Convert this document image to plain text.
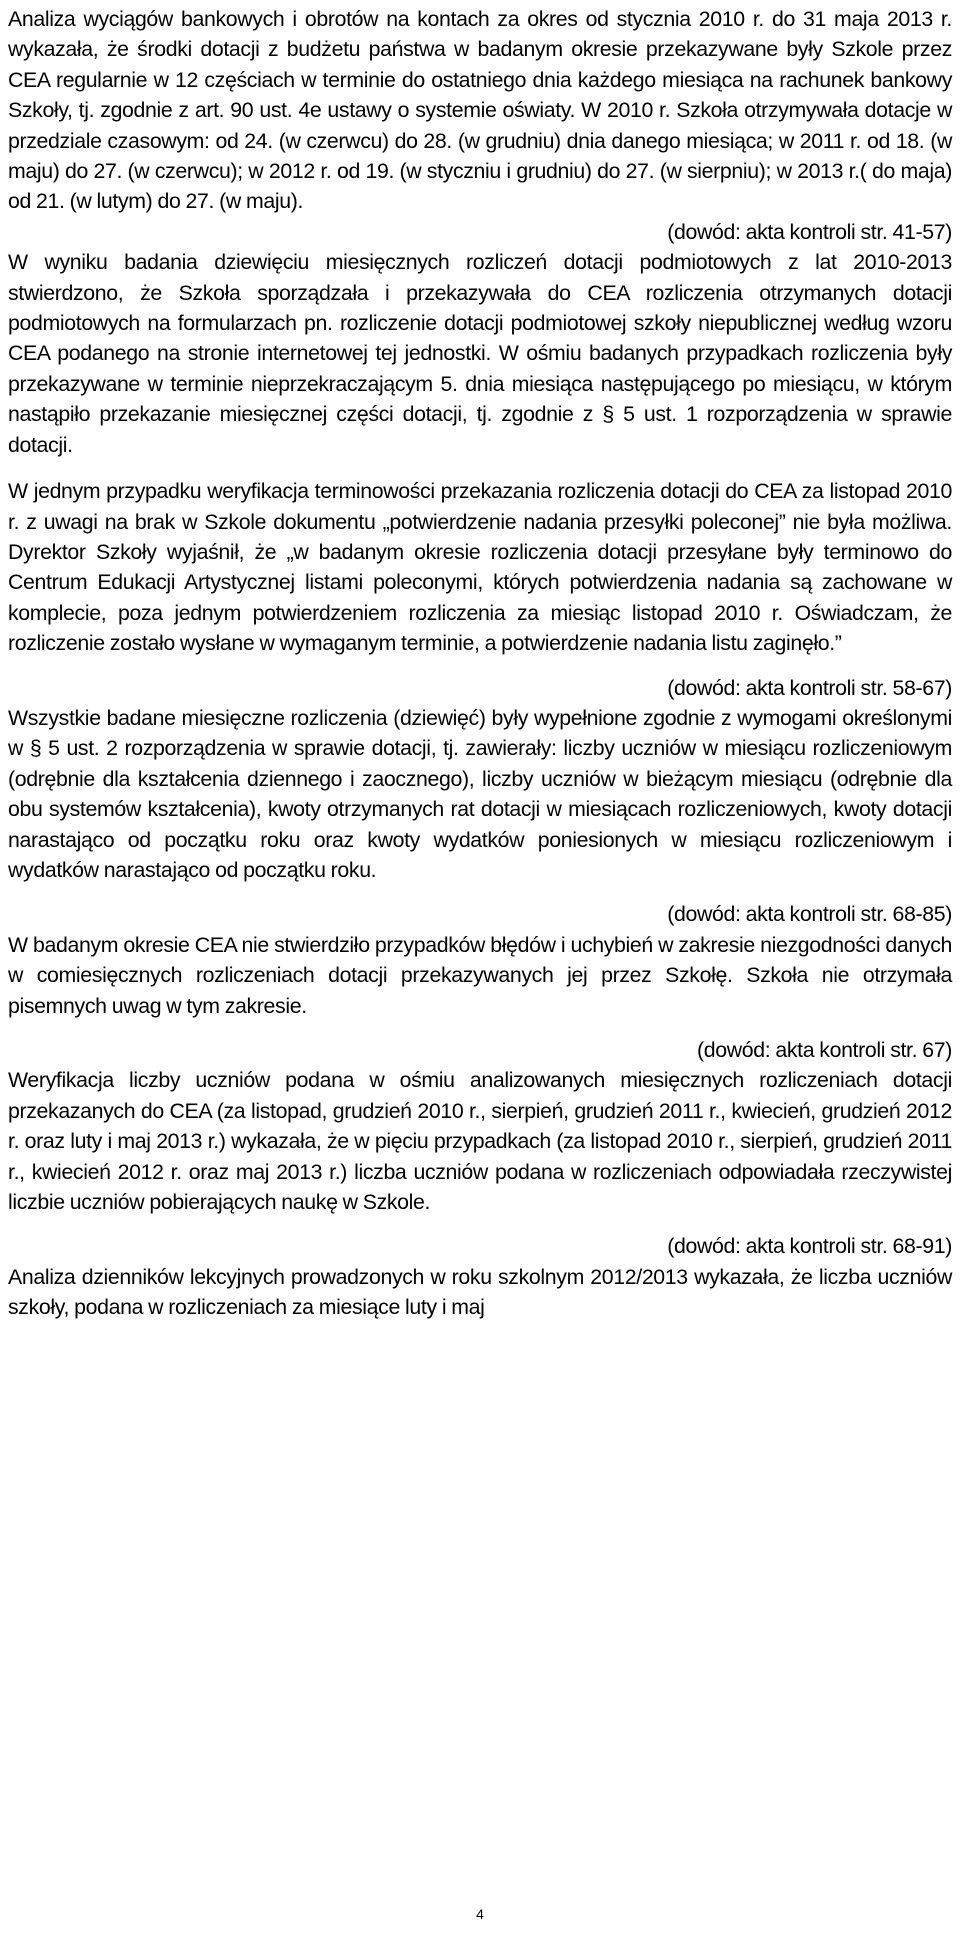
Analiza wyciągów bankowych i obrotów na kontach za okres od stycznia 2010 r. do 31 maja 2013 r. wykazała, że środki dotacji z budżetu państwa w badanym okresie przekazywane były Szkole przez CEA regularnie w 12 częściach w terminie do ostatniego dnia każdego miesiąca na rachunek bankowy Szkoły, tj. zgodnie z art. 90 ust. 4e ustawy o systemie oświaty. W 2010 r. Szkoła otrzymywała dotacje w przedziale czasowym: od 24. (w czerwcu) do 28. (w grudniu) dnia danego miesiąca; w 2011 r. od 18. (w maju) do 27. (w czerwcu); w 2012 r. od 19. (w styczniu i grudniu) do 27. (w sierpniu); w 2013 r.( do maja) od 21. (w lutym) do 27. (w maju).

(dowód: akta kontroli str. 41-57)

W wyniku badania dziewięciu miesięcznych rozliczeń dotacji podmiotowych z lat 2010-2013 stwierdzono, że Szkoła sporządzała i przekazywała do CEA rozliczenia otrzymanych dotacji podmiotowych na formularzach pn. rozliczenie dotacji podmiotowej szkoły niepublicznej według wzoru CEA podanego na stronie internetowej tej jednostki. W ośmiu badanych przypadkach rozliczenia były przekazywane w terminie nieprzekraczającym 5. dnia miesiąca następującego po miesiącu, w którym nastąpiło przekazanie miesięcznej części dotacji, tj. zgodnie z § 5 ust. 1 rozporządzenia w sprawie dotacji.

W jednym przypadku weryfikacja terminowości przekazania rozliczenia dotacji do CEA za listopad 2010 r. z uwagi na brak w Szkole dokumentu „potwierdzenie nadania przesyłki poleconej” nie była możliwa. Dyrektor Szkoły wyjaśnił, że „w badanym okresie rozliczenia dotacji przesyłane były terminowo do Centrum Edukacji Artystycznej listami poleconymi, których potwierdzenia nadania są zachowane w komplecie, poza jednym potwierdzeniem rozliczenia za miesiąc listopad 2010 r. Oświadczam, że rozliczenie zostało wysłane w wymaganym terminie, a potwierdzenie nadania listu zaginęło.”

(dowód: akta kontroli str. 58-67)

Wszystkie badane miesięczne rozliczenia (dziewięć) były wypełnione zgodnie z wymogami określonymi w § 5 ust. 2 rozporządzenia w sprawie dotacji, tj. zawierały: liczby uczniów w miesiącu rozliczeniowym (odrębnie dla kształcenia dziennego i zaocznego), liczby uczniów w bieżącym miesiącu (odrębnie dla obu systemów kształcenia), kwoty otrzymanych rat dotacji w miesiącach rozliczeniowych, kwoty dotacji narastająco od początku roku oraz kwoty wydatków poniesionych w miesiącu rozliczeniowym i wydatków narastająco od początku roku.

(dowód: akta kontroli str. 68-85)

W badanym okresie CEA nie stwierdziło przypadków błędów i uchybień w zakresie niezgodności danych w comiesięcznych rozliczeniach dotacji przekazywanych jej przez Szkołę. Szkoła nie otrzymała pisemnych uwag w tym zakresie.

(dowód: akta kontroli str. 67)

Weryfikacja liczby uczniów podana w ośmiu analizowanych miesięcznych rozliczeniach dotacji przekazanych do CEA (za listopad, grudzień 2010 r., sierpień, grudzień 2011 r., kwiecień, grudzień 2012 r. oraz luty i maj 2013 r.) wykazała, że w pięciu przypadkach (za listopad 2010 r., sierpień, grudzień 2011 r., kwiecień 2012 r. oraz maj 2013 r.) liczba uczniów podana w rozliczeniach odpowiadała rzeczywistej liczbie uczniów pobierających naukę w Szkole.

(dowód: akta kontroli str. 68-91)

Analiza dzienników lekcyjnych prowadzonych w roku szkolnym 2012/2013 wykazała, że liczba uczniów szkoły, podana w rozliczeniach za miesiące luty i maj

4
